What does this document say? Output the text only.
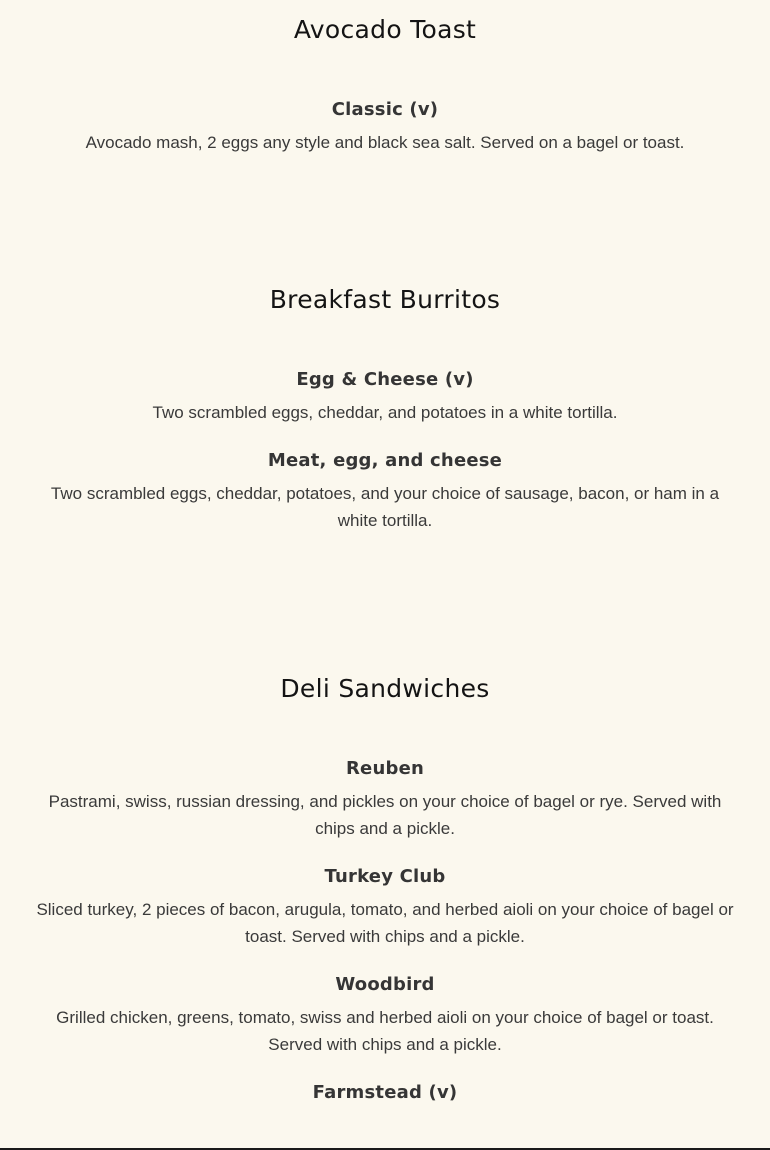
Avocado Toast
Classic (v)

Avocado mash, 2 eggs any style and black sea salt. Served on a bagel or toast.

Breakfast Burritos
Egg & Cheese (v)

Two scrambled eggs, cheddar, and potatoes in a white tortilla.

Meat, egg, and cheese

Two scrambled eggs, cheddar, potatoes, and your choice of sausage, bacon, or ham in a white tortilla.

Deli Sandwiches
Reuben

Pastrami, swiss, russian dressing, and pickles on your choice of bagel or rye. Served with chips and a pickle.

Turkey Club

Sliced turkey, 2 pieces of bacon, arugula, tomato, and herbed aioli on your choice of bagel or toast. Served with chips and a pickle.

Woodbird

Grilled chicken, greens, tomato, swiss and herbed aioli on your choice of bagel or toast. Served with chips and a pickle.

Farmstead (v)
